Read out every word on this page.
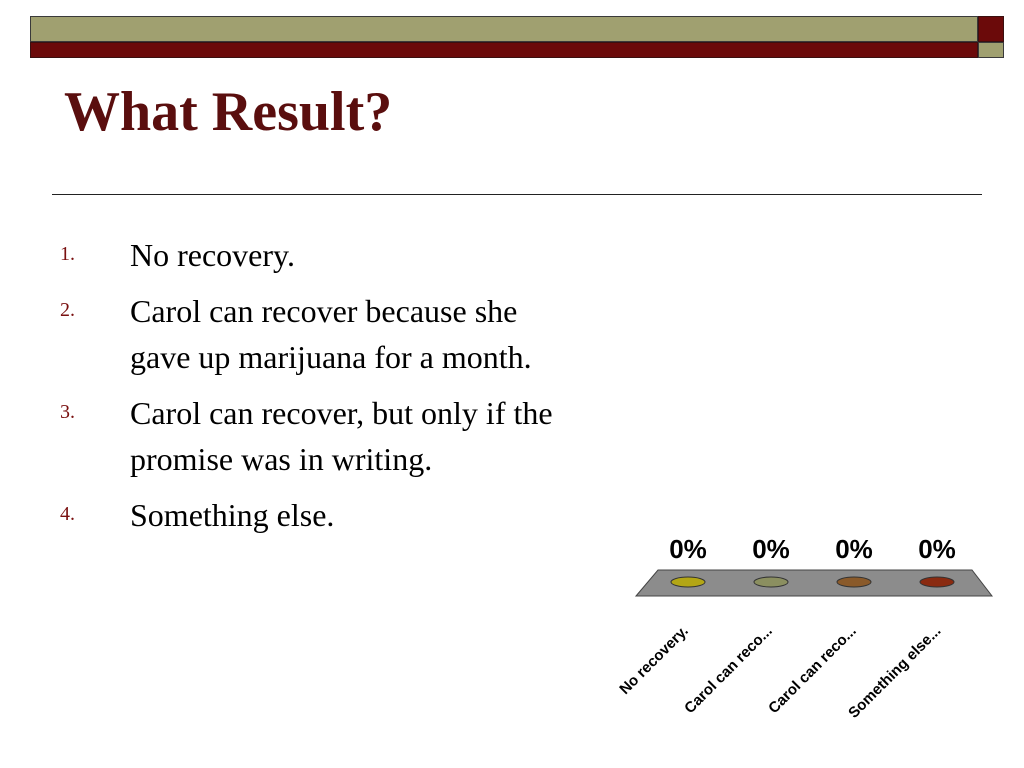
What Result?
1. No recovery.
2. Carol can recover because she gave up marijuana for a month.
3. Carol can recover, but only if the promise was in writing.
4. Something else.
0%	0%	0%	0%
No recovery.
Carol can reco...
Carol can reco...
Something else...
